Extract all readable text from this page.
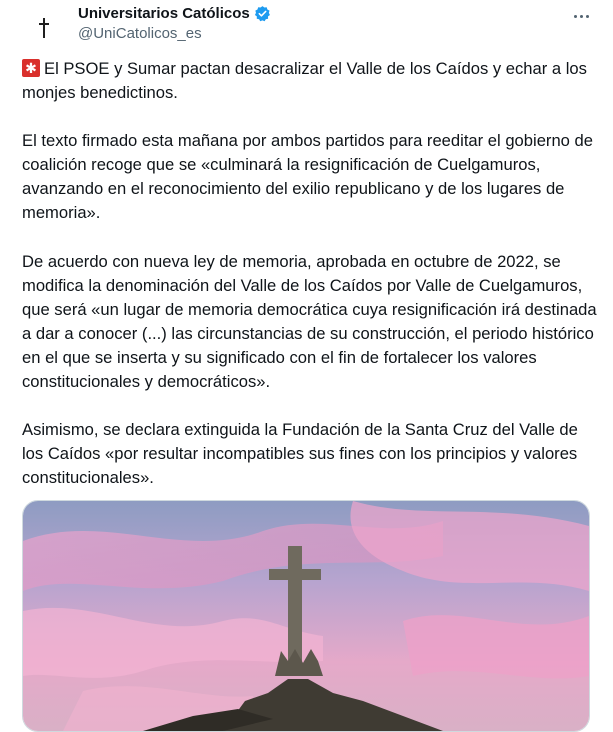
Universitarios Católicos
@UniCatolicos_es

✱El PSOE y Sumar pactan desacralizar el Valle de los Caídos y echar a los monjes benedictinos.

El texto firmado esta mañana por ambos partidos para reeditar el gobierno de coalición recoge que se «culminará la resignificación de Cuelgamuros, avanzando en el reconocimiento del exilio republicano y de los lugares de memoria».

De acuerdo con nueva ley de memoria, aprobada en octubre de 2022, se modifica la denominación del Valle de los Caídos por Valle de Cuelgamuros, que será «un lugar de memoria democrática cuya resignificación irá destinada a dar a conocer (...) las circunstancias de su construcción, el periodo histórico en el que se inserta y su significado con el fin de fortalecer los valores constitucionales y democráticos».

Asimismo, se declara extinguida la Fundación de la Santa Cruz del Valle de los Caídos «por resultar incompatibles sus fines con los principios y valores constitucionales».
